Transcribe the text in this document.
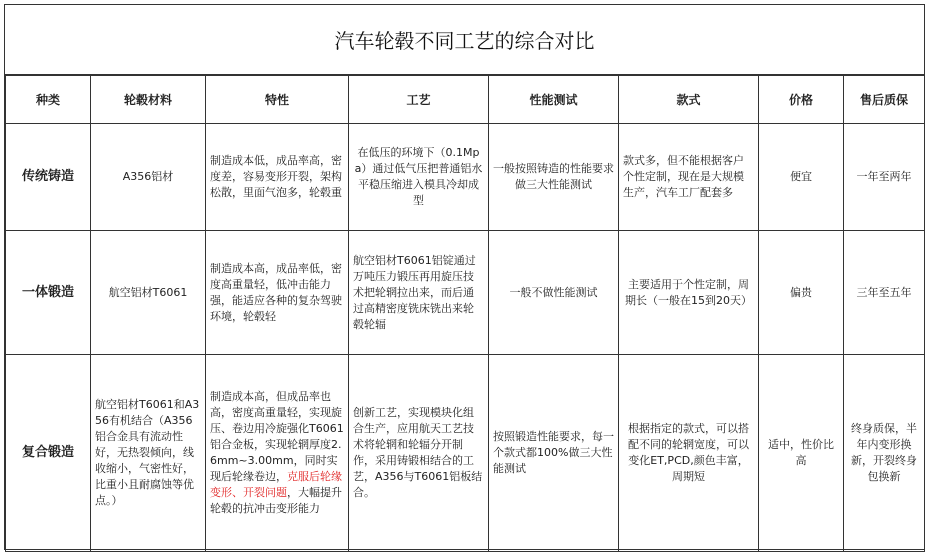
汽车轮毂不同工艺的综合对比
种类	轮毂材料	特性	工艺	性能测试	款式	价格	售后质保
传统铸造	A356铝材	制造成本低，成品率高，密度差，容易变形开裂，架构松散，里面气泡多，轮毂重	在低压的环境下（0.1Mpa）通过低气压把普通铝水平稳压缩进入模具冷却成型	一般按照铸造的性能要求做三大性能测试	款式多，但不能根据客户个性定制，现在是大规模生产，汽车工厂配套多	便宜	一年至两年
一体锻造	航空铝材T6061	制造成本高，成品率低，密度高重量轻，低冲击能力强，能适应各种的复杂驾驶环境，轮毂轻	航空铝材T6061铝锭通过万吨压力锻压再用旋压技术把轮辋拉出来，而后通过高精密度铣床铣出来轮毂轮辐	一般不做性能测试	主要适用于个性定制，周期长（一般在15到20天）	偏贵	三年至五年
复合锻造	航空铝材T6061和A356有机结合（A356铝合金具有流动性好，无热裂倾向，线收缩小，气密性好，比重小且耐腐蚀等优点。）	制造成本高，但成品率也高，密度高重量轻，实现旋压、卷边用冷旋强化T6061铝合金板，实现轮辋厚度2.6mm~3.00mm，同时实现后轮缘卷边，克服后轮缘变形、开裂问题，大幅提升轮毂的抗冲击变形能力	创新工艺，实现模块化组合生产，应用航天工艺技术将轮辋和轮辐分开制作，采用铸锻相结合的工艺，A356与T6061铝板结合。	按照锻造性能要求，每一个款式都100%做三大性能测试	根据指定的款式，可以搭配不同的轮辋宽度，可以变化ET,PCD,颜色丰富，周期短	适中，性价比高	终身质保，半年内变形换新，开裂终身包换新
